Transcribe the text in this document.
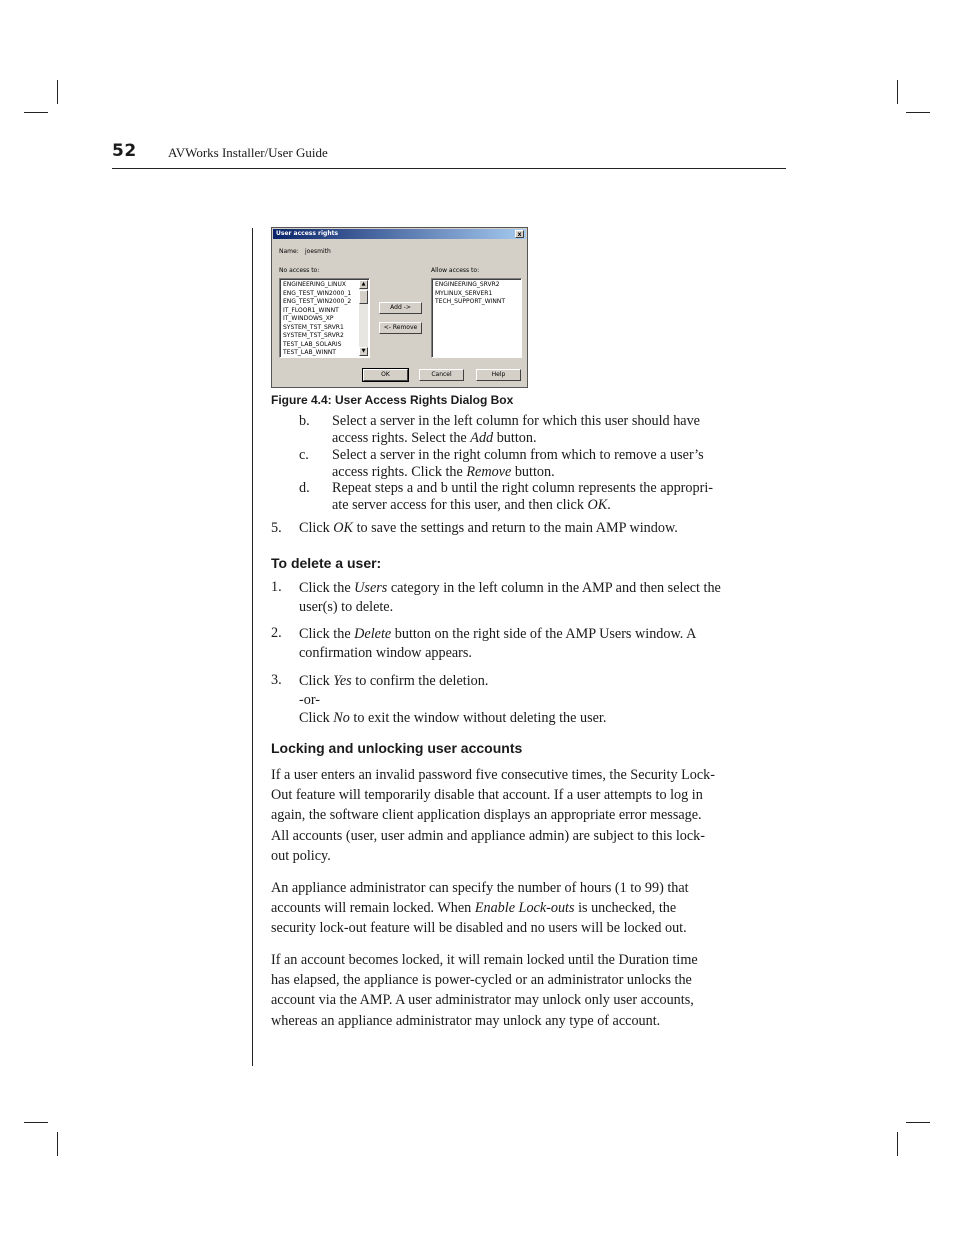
52 AVWorks Installer/User Guide
User access rights	x
Name: joesmith
No access to:	Allow access to:
ENGINEERING_LINUX
ENG_TEST_WIN2000_1
ENG_TEST_WIN2000_2
IT_FLOOR1_WINNT
IT_WINDOWS_XP
SYSTEM_TST_SRVR1
SYSTEM_TST_SRVR2
TEST_LAB_SOLARIS
TEST_LAB_WINNT
▲
▼
Add ->
<- Remove
ENGINEERING_SRVR2
MYLINUX_SERVER1
TECH_SUPPORT_WINNT
OK	Cancel	Help
Figure 4.4: User Access Rights Dialog Box
b. Select a server in the left column for which this user should have
access rights. Select the Add button.
c. Select a server in the right column from which to remove a user’s
access rights. Click the Remove button.
d. Repeat steps a and b until the right column represents the appropri-
ate server access for this user, and then click OK.
5. Click OK to save the settings and return to the main AMP window.
To delete a user:
1. Click the Users category in the left column in the AMP and then select the
user(s) to delete.
2. Click the Delete button on the right side of the AMP Users window. A
confirmation window appears.
3. Click Yes to confirm the deletion.
-or-
Click No to exit the window without deleting the user.
Locking and unlocking user accounts
If a user enters an invalid password five consecutive times, the Security Lock-
Out feature will temporarily disable that account. If a user attempts to log in
again, the software client application displays an appropriate error message.
All accounts (user, user admin and appliance admin) are subject to this lock-
out policy.
An appliance administrator can specify the number of hours (1 to 99) that
accounts will remain locked. When Enable Lock-outs is unchecked, the
security lock-out feature will be disabled and no users will be locked out.
If an account becomes locked, it will remain locked until the Duration time
has elapsed, the appliance is power-cycled or an administrator unlocks the
account via the AMP. A user administrator may unlock only user accounts,
whereas an appliance administrator may unlock any type of account.
